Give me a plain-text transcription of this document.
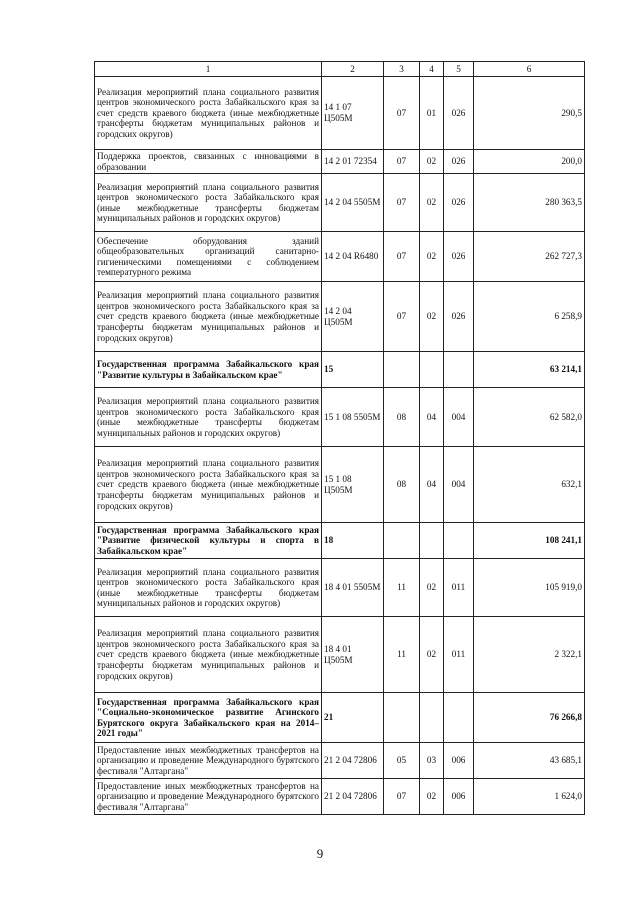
1	2	3	4	5	6
Реализация мероприятий плана социального развития центров экономического роста Забайкальского края за счет средств краевого бюджета (иные межбюджетные трансферты бюджетам муниципальных районов и городских округов)	14 1 07 Ц505М	07	01	026	290,5
Поддержка проектов, связанных с инновациями в образовании	14 2 01 72354	07	02	026	200,0
Реализация мероприятий плана социального развития центров экономического роста Забайкальского края (иные межбюджетные трансферты бюджетам муниципальных районов и городских округов)	14 2 04 5505М	07	02	026	280 363,5
Обеспечение оборудования зданий общеобразовательных организаций санитарно-гигиеническими помещениями с соблюдением температурного режима	14 2 04 R6480	07	02	026	262 727,3
Реализация мероприятий плана социального развития центров экономического роста Забайкальского края за счет средств краевого бюджета (иные межбюджетные трансферты бюджетам муниципальных районов и городских округов)	14 2 04 Ц505М	07	02	026	6 258,9
Государственная программа Забайкальского края "Развитие культуры в Забайкальском крае"	15				63 214,1
Реализация мероприятий плана социального развития центров экономического роста Забайкальского края (иные межбюджетные трансферты бюджетам муниципальных районов и городских округов)	15 1 08 5505М	08	04	004	62 582,0
Реализация мероприятий плана социального развития центров экономического роста Забайкальского края за счет средств краевого бюджета (иные межбюджетные трансферты бюджетам муниципальных районов и городских округов)	15 1 08 Ц505М	08	04	004	632,1
Государственная программа Забайкальского края "Развитие физической культуры и спорта в Забайкальском крае"	18				108 241,1
Реализация мероприятий плана социального развития центров экономического роста Забайкальского края (иные межбюджетные трансферты бюджетам муниципальных районов и городских округов)	18 4 01 5505М	11	02	011	105 919,0
Реализация мероприятий плана социального развития центров экономического роста Забайкальского края за счет средств краевого бюджета (иные межбюджетные трансферты бюджетам муниципальных районов и городских округов)	18 4 01 Ц505М	11	02	011	2 322,1
Государственная программа Забайкальского края "Социально-экономическое развитие Агинского Бурятского округа Забайкальского края на 2014–2021 годы"	21				76 266,8
Предоставление иных межбюджетных трансфертов на организацию и проведение Международного бурятского фестиваля "Алтаргана"	21 2 04 72806	05	03	006	43 685,1
Предоставление иных межбюджетных трансфертов на организацию и проведение Международного бурятского фестиваля "Алтаргана"	21 2 04 72806	07	02	006	1 624,0
9
